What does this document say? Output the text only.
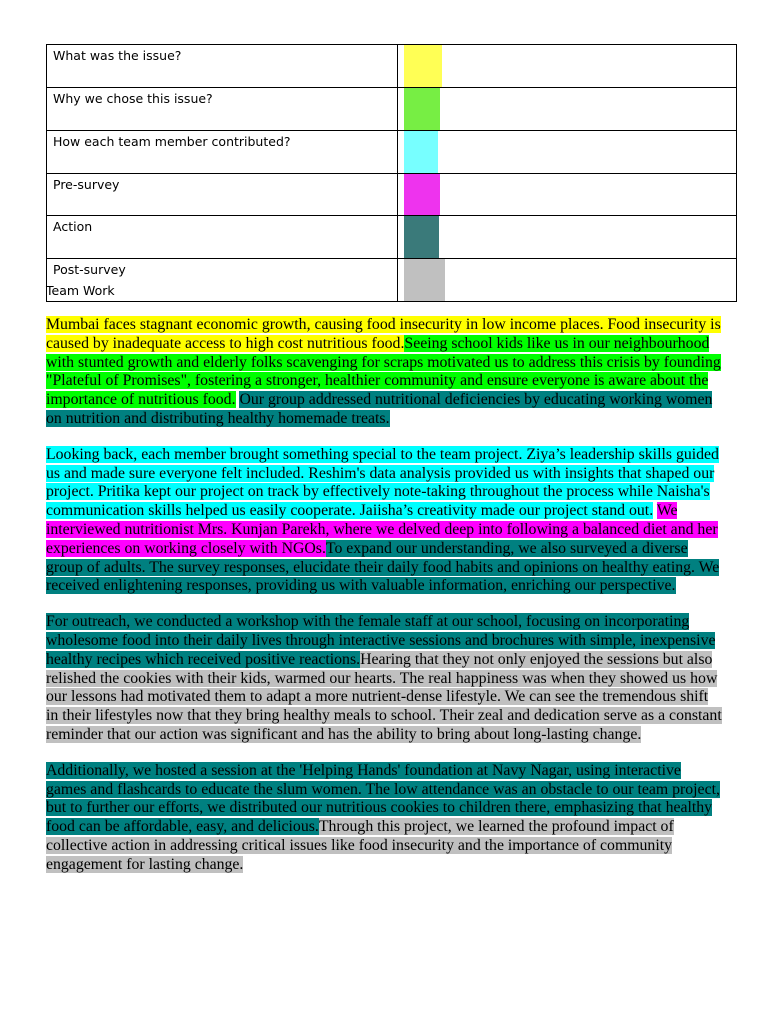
What was the issue?	

Why we chose this issue?	

How each team member contributed?	

Pre-survey	

Action	

Post-survey	
Team Work

Mumbai faces stagnant economic growth, causing food insecurity in low income places. Food insecurity is caused by inadequate access to high cost nutritious food.Seeing school kids like us in our neighbourhood with stunted growth and elderly folks scavenging for scraps motivated us to address this crisis by founding "Plateful of Promises", fostering a stronger, healthier community and ensure everyone is aware about the importance of nutritious food. Our group addressed nutritional deficiencies by educating working women on nutrition and distributing healthy homemade treats.

Looking back, each member brought something special to the team project. Ziya’s leadership skills guided us and made sure everyone felt included. Reshim's data analysis provided us with insights that shaped our project. Pritika kept our project on track by effectively note-taking throughout the process while Naisha's communication skills helped us easily cooperate. Jaiisha’s creativity made our project stand out. We interviewed nutritionist Mrs. Kunjan Parekh, where we delved deep into following a balanced diet and her experiences on working closely with NGOs.To expand our understanding, we also surveyed a diverse group of adults. The survey responses, elucidate their daily food habits and opinions on healthy eating. We received enlightening responses, providing us with valuable information, enriching our perspective.

For outreach, we conducted a workshop with the female staff at our school, focusing on incorporating wholesome food into their daily lives through interactive sessions and brochures with simple, inexpensive healthy recipes which received positive reactions.Hearing that they not only enjoyed the sessions but also relished the cookies with their kids, warmed our hearts. The real happiness was when they showed us how our lessons had motivated them to adapt a more nutrient-dense lifestyle. We can see the tremendous shift in their lifestyles now that they bring healthy meals to school. Their zeal and dedication serve as a constant reminder that our action was significant and has the ability to bring about long-lasting change.

Additionally, we hosted a session at the 'Helping Hands' foundation at Navy Nagar, using interactive games and flashcards to educate the slum women. The low attendance was an obstacle to our team project, but to further our efforts, we distributed our nutritious cookies to children there, emphasizing that healthy food can be affordable, easy, and delicious.Through this project, we learned the profound impact of collective action in addressing critical issues like food insecurity and the importance of community engagement for lasting change.
